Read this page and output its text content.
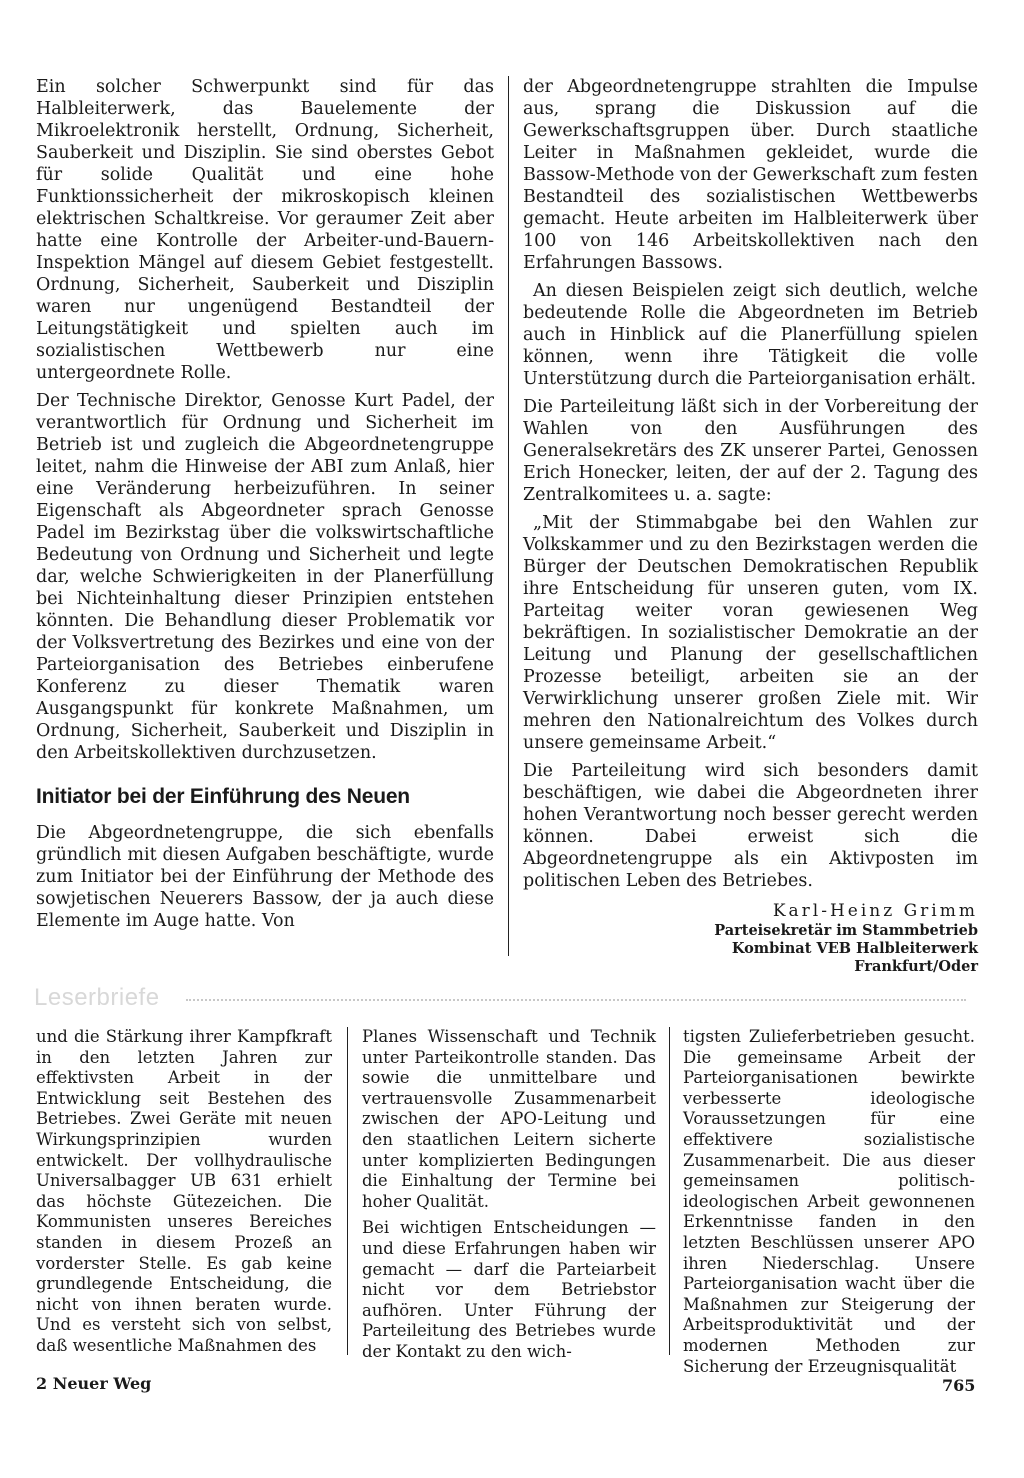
Ein solcher Schwerpunkt sind für das Halbleiterwerk, das Bauelemente der Mikroelektronik herstellt, Ordnung, Sicherheit, Sauberkeit und Disziplin. Sie sind oberstes Gebot für solide Qualität und eine hohe Funktionssicherheit der mikroskopisch kleinen elektrischen Schaltkreise. Vor geraumer Zeit aber hatte eine Kontrolle der Arbeiter-und-Bauern-Inspektion Mängel auf diesem Gebiet festgestellt. Ordnung, Sicherheit, Sauberkeit und Disziplin waren nur ungenügend Bestandteil der Leitungstätigkeit und spielten auch im sozialistischen Wettbewerb nur eine untergeordnete Rolle.

Der Technische Direktor, Genosse Kurt Padel, der verantwortlich für Ordnung und Sicherheit im Betrieb ist und zugleich die Abgeordnetengruppe leitet, nahm die Hinweise der ABI zum Anlaß, hier eine Veränderung herbeizuführen. In seiner Eigenschaft als Abgeordneter sprach Genosse Padel im Bezirkstag über die volkswirtschaftliche Bedeutung von Ordnung und Sicherheit und legte dar, welche Schwierigkeiten in der Planerfüllung bei Nichteinhaltung dieser Prinzipien entstehen könnten. Die Behandlung dieser Problematik vor der Volksvertretung des Bezirkes und eine von der Parteiorganisation des Betriebes einberufene Konferenz zu dieser Thematik waren Ausgangspunkt für konkrete Maßnahmen, um Ordnung, Sicherheit, Sauberkeit und Disziplin in den Arbeitskollektiven durchzusetzen.

Initiator bei der Einführung des Neuen

Die Abgeordnetengruppe, die sich ebenfalls gründlich mit diesen Aufgaben beschäftigte, wurde zum Initiator bei der Einführung der Methode des sowjetischen Neuerers Bassow, der ja auch diese Elemente im Auge hatte. Von

der Abgeordnetengruppe strahlten die Impulse aus, sprang die Diskussion auf die Gewerkschaftsgruppen über. Durch staatliche Leiter in Maßnahmen gekleidet, wurde die Bassow-Methode von der Gewerkschaft zum festen Bestandteil des sozialistischen Wettbewerbs gemacht. Heute arbeiten im Halbleiterwerk über 100 von 146 Arbeitskollektiven nach den Erfahrungen Bassows.

An diesen Beispielen zeigt sich deutlich, welche bedeutende Rolle die Abgeordneten im Betrieb auch in Hinblick auf die Planerfüllung spielen können, wenn ihre Tätigkeit die volle Unterstützung durch die Parteiorganisation erhält.

Die Parteileitung läßt sich in der Vorbereitung der Wahlen von den Ausführungen des Generalsekretärs des ZK unserer Partei, Genossen Erich Honecker, leiten, der auf der 2. Tagung des Zentralkomitees u. a. sagte:

„Mit der Stimmabgabe bei den Wahlen zur Volkskammer und zu den Bezirkstagen werden die Bürger der Deutschen Demokratischen Republik ihre Entscheidung für unseren guten, vom IX. Parteitag weiter voran gewiesenen Weg bekräftigen. In sozialistischer Demokratie an der Leitung und Planung der gesellschaftlichen Prozesse beteiligt, arbeiten sie an der Verwirklichung unserer großen Ziele mit. Wir mehren den Nationalreichtum des Volkes durch unsere gemeinsame Arbeit.“

Die Parteileitung wird sich besonders damit beschäftigen, wie dabei die Abgeordneten ihrer hohen Verantwortung noch besser gerecht werden können. Dabei erweist sich die Abgeordnetengruppe als ein Aktivposten im politischen Leben des Betriebes.

Karl-Heinz Grimm
Parteisekretär im Stammbetrieb
Kombinat VEB Halbleiterwerk
Frankfurt/Oder
Leserbriefe

und die Stärkung ihrer Kampfkraft in den letzten Jahren zur effektivsten Arbeit in der Entwicklung seit Bestehen des Betriebes. Zwei Geräte mit neuen Wirkungsprinzipien wurden entwickelt. Der vollhydraulische Universalbagger UB 631 erhielt das höchste Gütezeichen. Die Kommunisten unseres Bereiches standen in diesem Prozeß an vorderster Stelle. Es gab keine grundlegende Entscheidung, die nicht von ihnen beraten wurde. Und es versteht sich von selbst, daß wesentliche Maßnahmen des

Planes Wissenschaft und Technik unter Parteikontrolle standen. Das sowie die unmittelbare und vertrauensvolle Zusammenarbeit zwischen der APO-Leitung und den staatlichen Leitern sicherte unter komplizierten Bedingungen die Einhaltung der Termine bei hoher Qualität.

Bei wichtigen Entscheidungen — und diese Erfahrungen haben wir gemacht — darf die Parteiarbeit nicht vor dem Betriebstor aufhören. Unter Führung der Parteileitung des Betriebes wurde der Kontakt zu den wich-

tigsten Zulieferbetrieben gesucht. Die gemeinsame Arbeit der Parteiorganisationen bewirkte verbesserte ideologische Voraussetzungen für eine effektivere sozialistische Zusammenarbeit. Die aus dieser gemeinsamen politisch-ideologischen Arbeit gewonnenen Erkenntnisse fanden in den letzten Beschlüssen unserer APO ihren Niederschlag. Unsere Parteiorganisation wacht über die Maßnahmen zur Steigerung der Arbeitsproduktivität und der modernen Methoden zur Sicherung der Erzeugnisqualität

2 Neuer Weg	765
